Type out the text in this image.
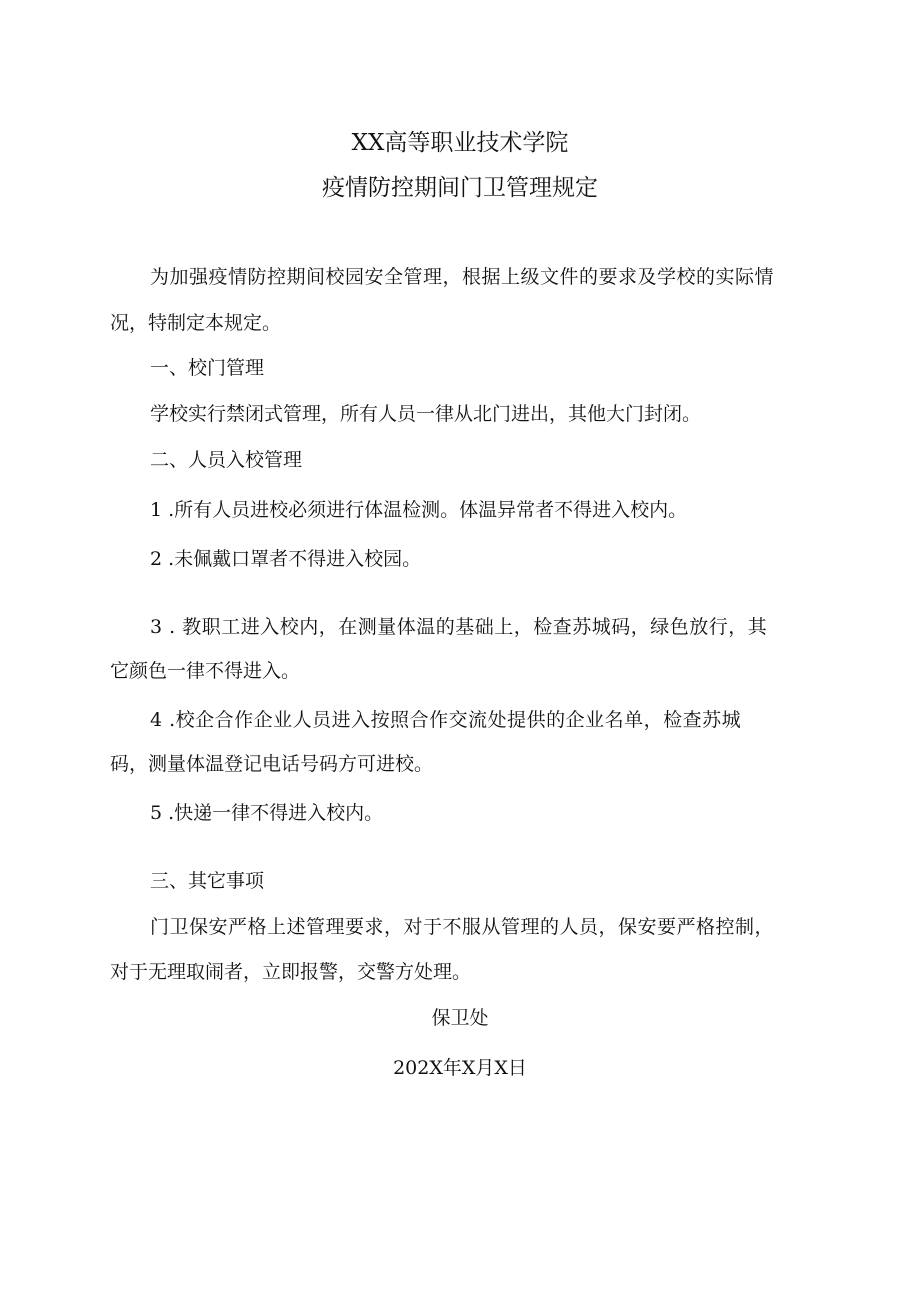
XX高等职业技术学院
疫情防控期间门卫管理规定
为加强疫情防控期间校园安全管理，根据上级文件的要求及学校的实际情
况，特制定本规定。
一、校门管理
学校实行禁闭式管理，所有人员一律从北门进出，其他大门封闭。
二、人员入校管理
1 .所有人员进校必须进行体温检测。体温异常者不得进入校内。
2 .未佩戴口罩者不得进入校园。
3 . 教职工进入校内，在测量体温的基础上，检查苏城码，绿色放行，其
它颜色一律不得进入。
4 .校企合作企业人员进入按照合作交流处提供的企业名单，检查苏城
码，测量体温登记电话号码方可进校。
5 .快递一律不得进入校内。
三、其它事项
门卫保安严格上述管理要求，对于不服从管理的人员，保安要严格控制，
对于无理取闹者，立即报警，交警方处理。
保卫处
202X年X月X日
